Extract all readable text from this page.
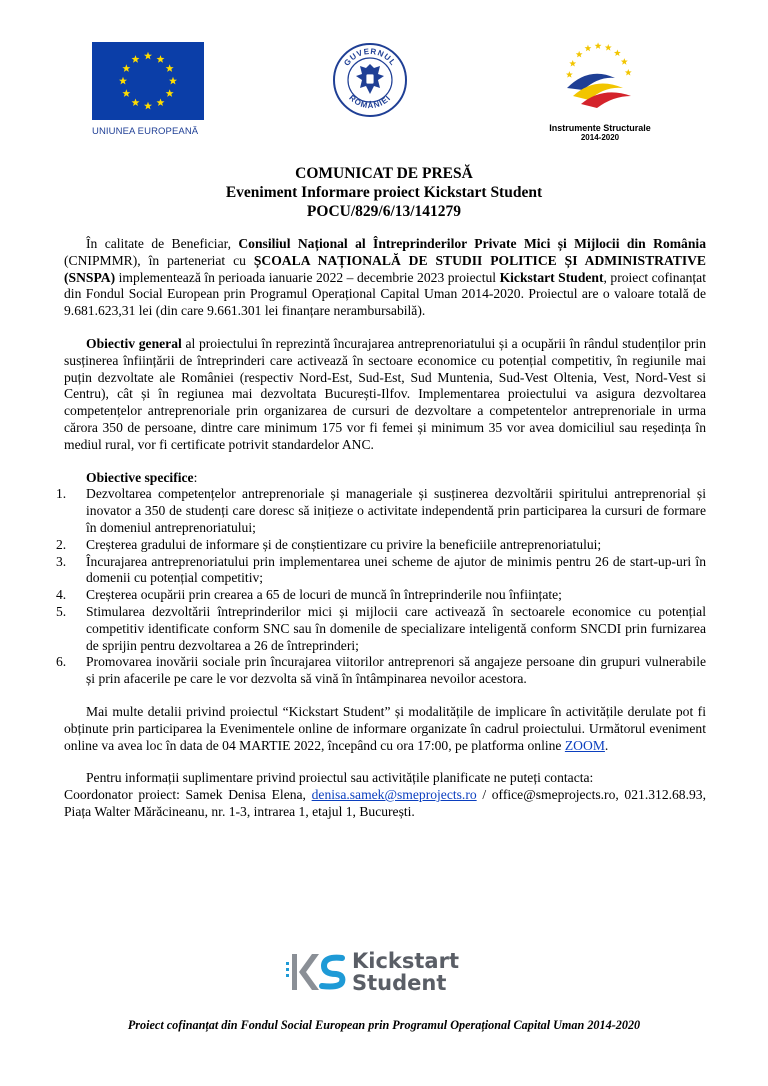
UNIUNEA EUROPEANĂ
GUVERNUL
ROMÂNIEI
Instrumente Structurale
2014-2020
COMUNICAT DE PRESĂ
Eveniment Informare proiect Kickstart Student
POCU/829/6/13/141279

În calitate de Beneficiar, Consiliul Național al Întreprinderilor Private Mici și Mijlocii din România (CNIPMMR), în parteneriat cu ȘCOALA NAȚIONALĂ DE STUDII POLITICE ȘI ADMINISTRATIVE (SNSPA) implementează în perioada ianuarie 2022 – decembrie 2023 proiectul Kickstart Student, proiect cofinanțat din Fondul Social European prin Programul Operațional Capital Uman 2014-2020. Proiectul are o valoare totală de 9.681.623,31 lei (din care 9.661.301 lei finanțare nerambursabilă).

Obiectiv general al proiectului în reprezintă încurajarea antreprenoriatului și a ocupării în rândul studenților prin susținerea înființării de întreprinderi care activează în sectoare economice cu potențial competitiv, în regiunile mai puțin dezvoltate ale României (respectiv Nord-Est, Sud-Est, Sud Muntenia, Sud-Vest Oltenia, Vest, Nord-Vest si Centru), cât și în regiunea mai dezvoltata București-Ilfov. Implementarea proiectului va asigura dezvoltarea competențelor antreprenoriale prin organizarea de cursuri de dezvoltare a competentelor antreprenoriale in urma cărora 350 de persoane, dintre care minimum 175 vor fi femei și minimum 35 vor avea domiciliul sau reședința în mediul rural, vor fi certificate potrivit standardelor ANC.

Obiective specifice:
1. Dezvoltarea competențelor antreprenoriale și manageriale și susținerea dezvoltării spiritului antreprenorial și inovator a 350 de studenți care doresc să inițieze o activitate independentă prin participarea la cursuri de formare în domeniul antreprenoriatului;
2. Creșterea gradului de informare și de conștientizare cu privire la beneficiile antreprenoriatului;
3. Încurajarea antreprenoriatului prin implementarea unei scheme de ajutor de minimis pentru 26 de start-up-uri în domenii cu potențial competitiv;
4. Creșterea ocupării prin crearea a 65 de locuri de muncă în întreprinderile nou înființate;
5. Stimularea dezvoltării întreprinderilor mici și mijlocii care activează în sectoarele economice cu potențial competitiv identificate conform SNC sau în domenile de specializare inteligentă conform SNCDI prin furnizarea de sprijin pentru dezvoltarea a 26 de întreprinderi;
6. Promovarea inovării sociale prin încurajarea viitorilor antreprenori să angajeze persoane din grupuri vulnerabile și prin afacerile pe care le vor dezvolta să vină în întâmpinarea nevoilor acestora.

Mai multe detalii privind proiectul “Kickstart Student” și modalitățile de implicare în activitățile derulate pot fi obținute prin participarea la Evenimentele online de informare organizate în cadrul proiectului. Următorul eveniment online va avea loc în data de 04 MARTIE 2022, începând cu ora 17:00, pe platforma online ZOOM.

Pentru informații suplimentare privind proiectul sau activitățile planificate ne puteți contacta:

Coordonator proiect: Samek Denisa Elena, denisa.samek@smeprojects.ro / office@smeprojects.ro, 021.312.68.93, Piața Walter Mărăcineanu, nr. 1-3, intrarea 1, etajul 1, București.

Kickstart
Student
Proiect cofinanțat din Fondul Social European prin Programul Operațional Capital Uman 2014-2020
